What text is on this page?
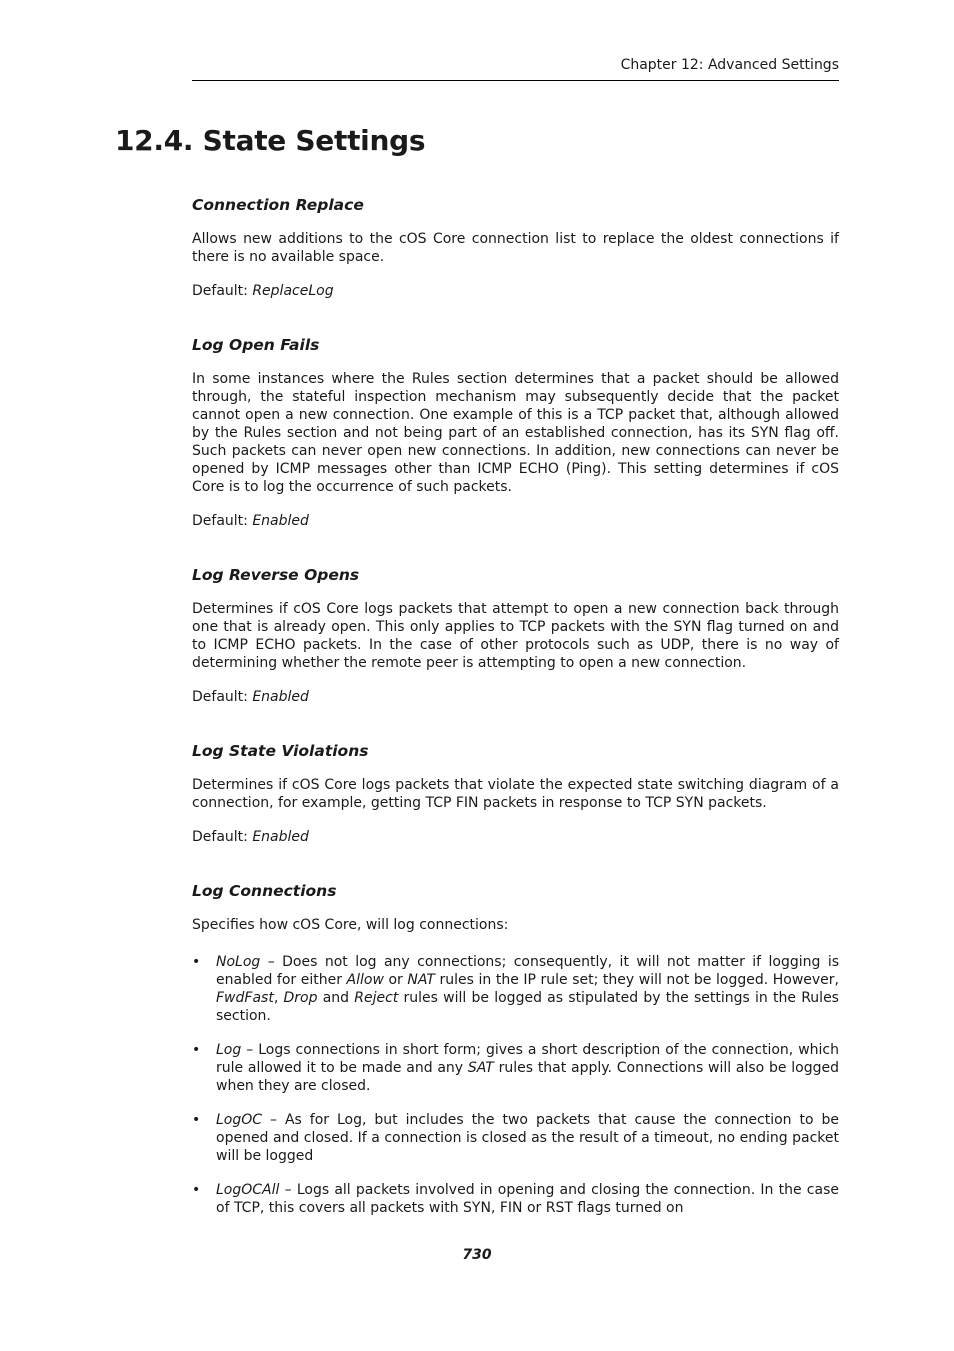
Chapter 12: Advanced Settings
12.4. State Settings
Connection Replace

Allows new additions to the cOS Core connection list to replace the oldest connections if there is no available space.

Default: ReplaceLog

Log Open Fails

In some instances where the Rules section determines that a packet should be allowed through, the stateful inspection mechanism may subsequently decide that the packet cannot open a new connection. One example of this is a TCP packet that, although allowed by the Rules section and not being part of an established connection, has its SYN flag off. Such packets can never open new connections. In addition, new connections can never be opened by ICMP messages other than ICMP ECHO (Ping). This setting determines if cOS Core is to log the occurrence of such packets.

Default: Enabled

Log Reverse Opens

Determines if cOS Core logs packets that attempt to open a new connection back through one that is already open. This only applies to TCP packets with the SYN flag turned on and to ICMP ECHO packets. In the case of other protocols such as UDP, there is no way of determining whether the remote peer is attempting to open a new connection.

Default: Enabled

Log State Violations

Determines if cOS Core logs packets that violate the expected state switching diagram of a connection, for example, getting TCP FIN packets in response to TCP SYN packets.

Default: Enabled

Log Connections

Specifies how cOS Core, will log connections:

• NoLog – Does not log any connections; consequently, it will not matter if logging is enabled for either Allow or NAT rules in the IP rule set; they will not be logged. However, FwdFast, Drop and Reject rules will be logged as stipulated by the settings in the Rules section.
• Log – Logs connections in short form; gives a short description of the connection, which rule allowed it to be made and any SAT rules that apply. Connections will also be logged when they are closed.
• LogOC – As for Log, but includes the two packets that cause the connection to be opened and closed. If a connection is closed as the result of a timeout, no ending packet will be logged
• LogOCAll – Logs all packets involved in opening and closing the connection. In the case of TCP, this covers all packets with SYN, FIN or RST flags turned on
730
